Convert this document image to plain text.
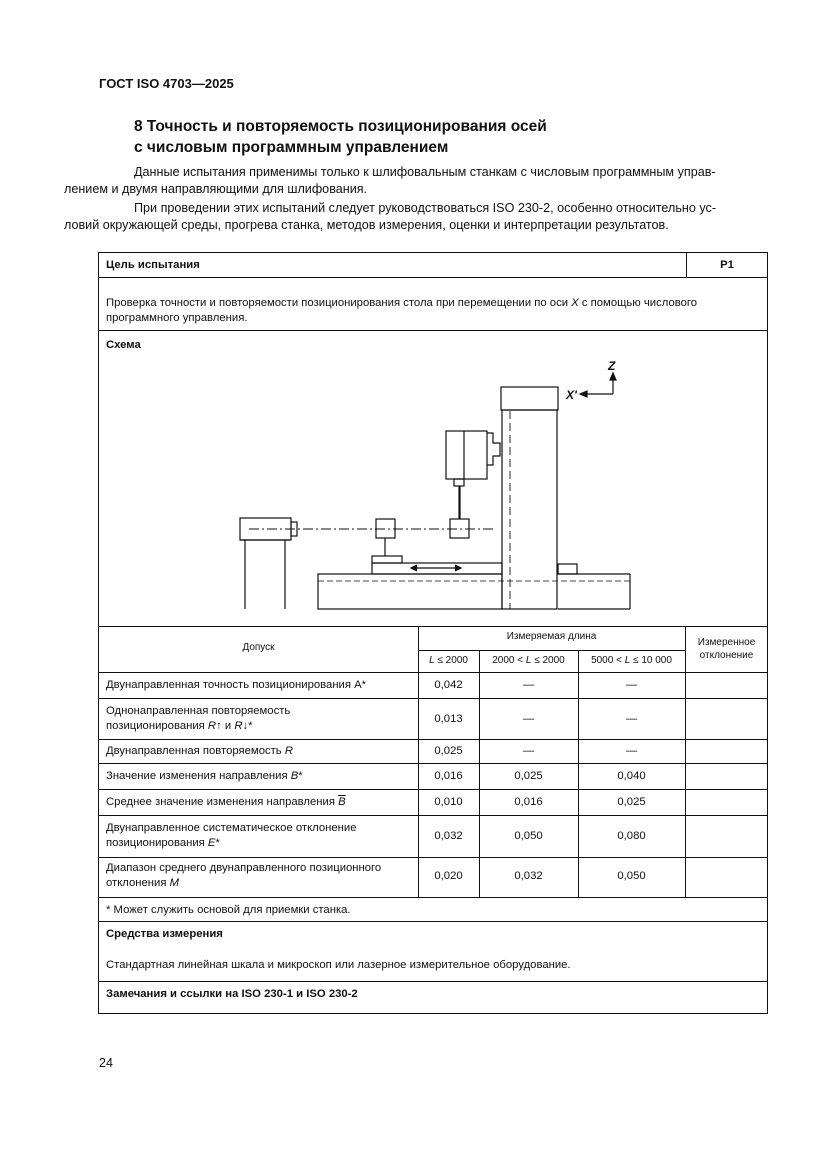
ГОСТ ISO 4703—2025
8 Точность и повторяемость позиционирования осей
с числовым программным управлением

Данные испытания применимы только к шлифовальным станкам с числовым программным управ-
лением и двумя направляющими для шлифования.

При проведении этих испытаний следует руководствоваться ISO 230-2, особенно относительно ус-
ловий окружающей среды, прогрева станка, методов измерения, оценки и интерпретации результатов.

Цель испытания	P1
Проверка точности и повторяемости позиционирования стола при перемещении по оси X с помощью числового программного управления.
Схема
Z
X'
Допуск
Измеряемая длина
Измеренное
отклонение
L ≤ 2000	2000 < L ≤ 2000	5000 < L ≤ 10 000
Двунаправленная точность позиционирования A*	0,042	—	—
Однонаправленная повторяемость
позиционирования R↑ и R↓*
0,013	—	—
Двунаправленная повторяемость R	0,025	—	—
Значение изменения направления B*	0,016	0,025	0,040
Среднее значение изменения направления $\overline{B}$	0,010	0,016	0,025
Двунаправленное систематическое отклонение
позиционирования E*
0,032	0,050	0,080
Диапазон среднего двунаправленного позиционного
отклонения M
0,020	0,032	0,050
* Может служить основой для приемки станка.
Средства измерения
Стандартная линейная шкала и микроскоп или лазерное измерительное оборудование.
Замечания и ссылки на ISO 230-1 и ISO 230-2
24
